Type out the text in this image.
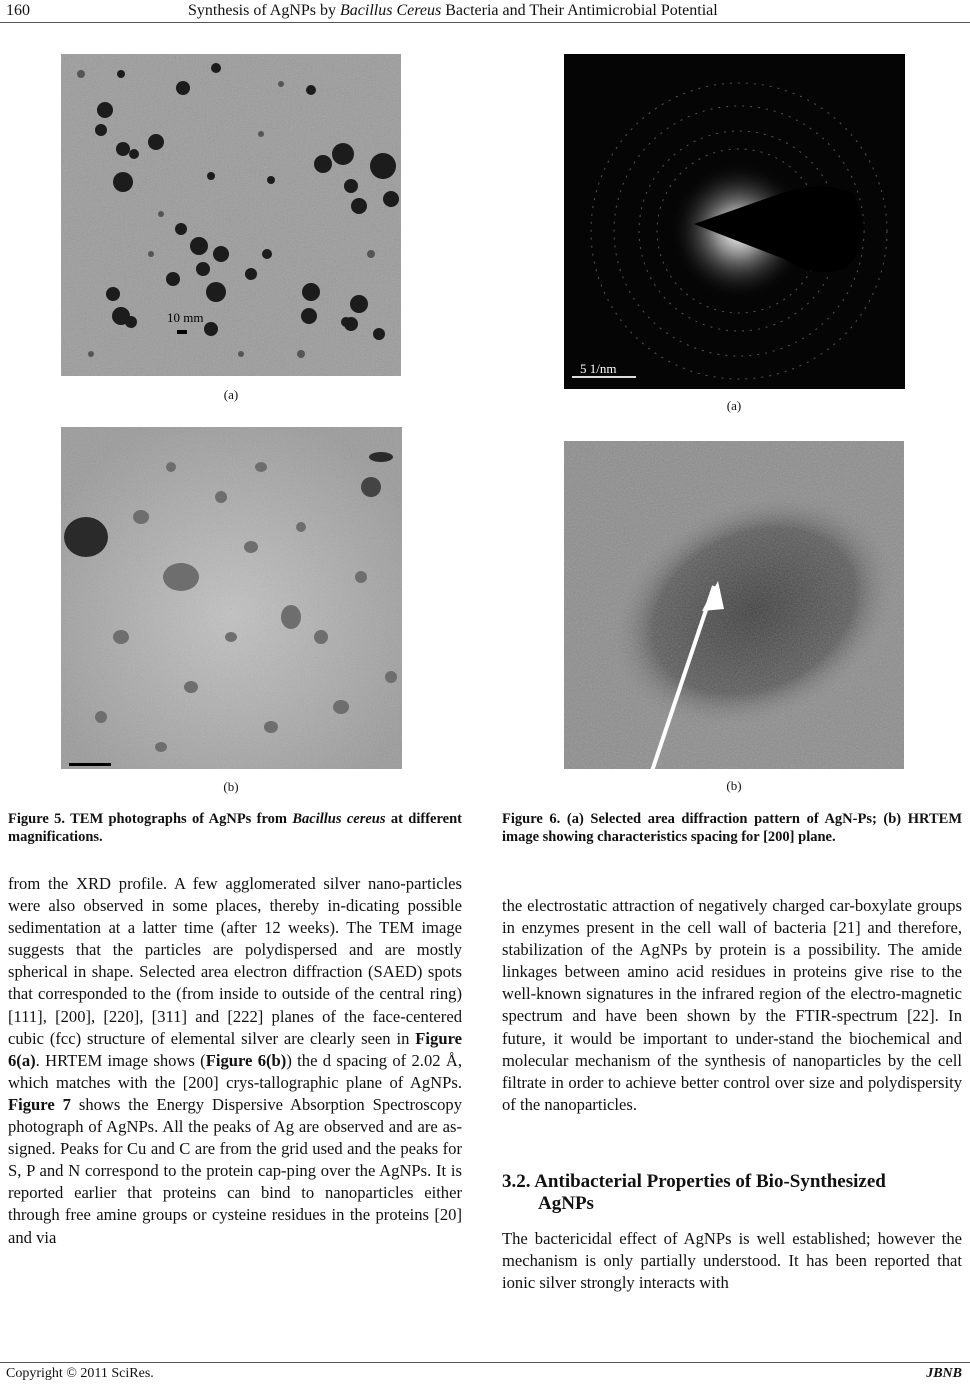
160	Synthesis of AgNPs by Bacillus Cereus Bacteria and Their Antimicrobial Potential
10 mm
(a)
(b)
5 1/nm
(a)
(b)
Figure 5. TEM photographs of AgNPs from Bacillus cereus at different magnifications.
Figure 6. (a) Selected area diffraction pattern of AgN-Ps; (b) HRTEM image showing characteristics spacing for [200] plane.

from the XRD profile. A few agglomerated silver nano-particles were also observed in some places, thereby in-dicating possible sedimentation at a latter time (after 12 weeks). The TEM image suggests that the particles are polydispersed and are mostly spherical in shape. Selected area electron diffraction (SAED) spots that corresponded to the (from inside to outside of the central ring) [111], [200], [220], [311] and [222] planes of the face-centered cubic (fcc) structure of elemental silver are clearly seen in Figure 6(a). HRTEM image shows (Figure 6(b)) the d spacing of 2.02 Å, which matches with the [200] crys-tallographic plane of AgNPs. Figure 7 shows the Energy Dispersive Absorption Spectroscopy photograph of AgNPs. All the peaks of Ag are observed and are as-signed. Peaks for Cu and C are from the grid used and the peaks for S, P and N correspond to the protein cap-ping over the AgNPs. It is reported earlier that proteins can bind to nanoparticles either through free amine groups or cysteine residues in the proteins [20] and via

the electrostatic attraction of negatively charged car-boxylate groups in enzymes present in the cell wall of bacteria [21] and therefore, stabilization of the AgNPs by protein is a possibility. The amide linkages between amino acid residues in proteins give rise to the well-known signatures in the infrared region of the electro-magnetic spectrum and have been shown by the FTIR-spectrum [22]. In future, it would be important to under-stand the biochemical and molecular mechanism of the synthesis of nanoparticles by the cell filtrate in order to achieve better control over size and polydispersity of the nanoparticles.

3.2. Antibacterial Properties of Bio-Synthesized
AgNPs

The bactericidal effect of AgNPs is well established; however the mechanism is only partially understood. It has been reported that ionic silver strongly interacts with

Copyright © 2011 SciRes.	JBNB
